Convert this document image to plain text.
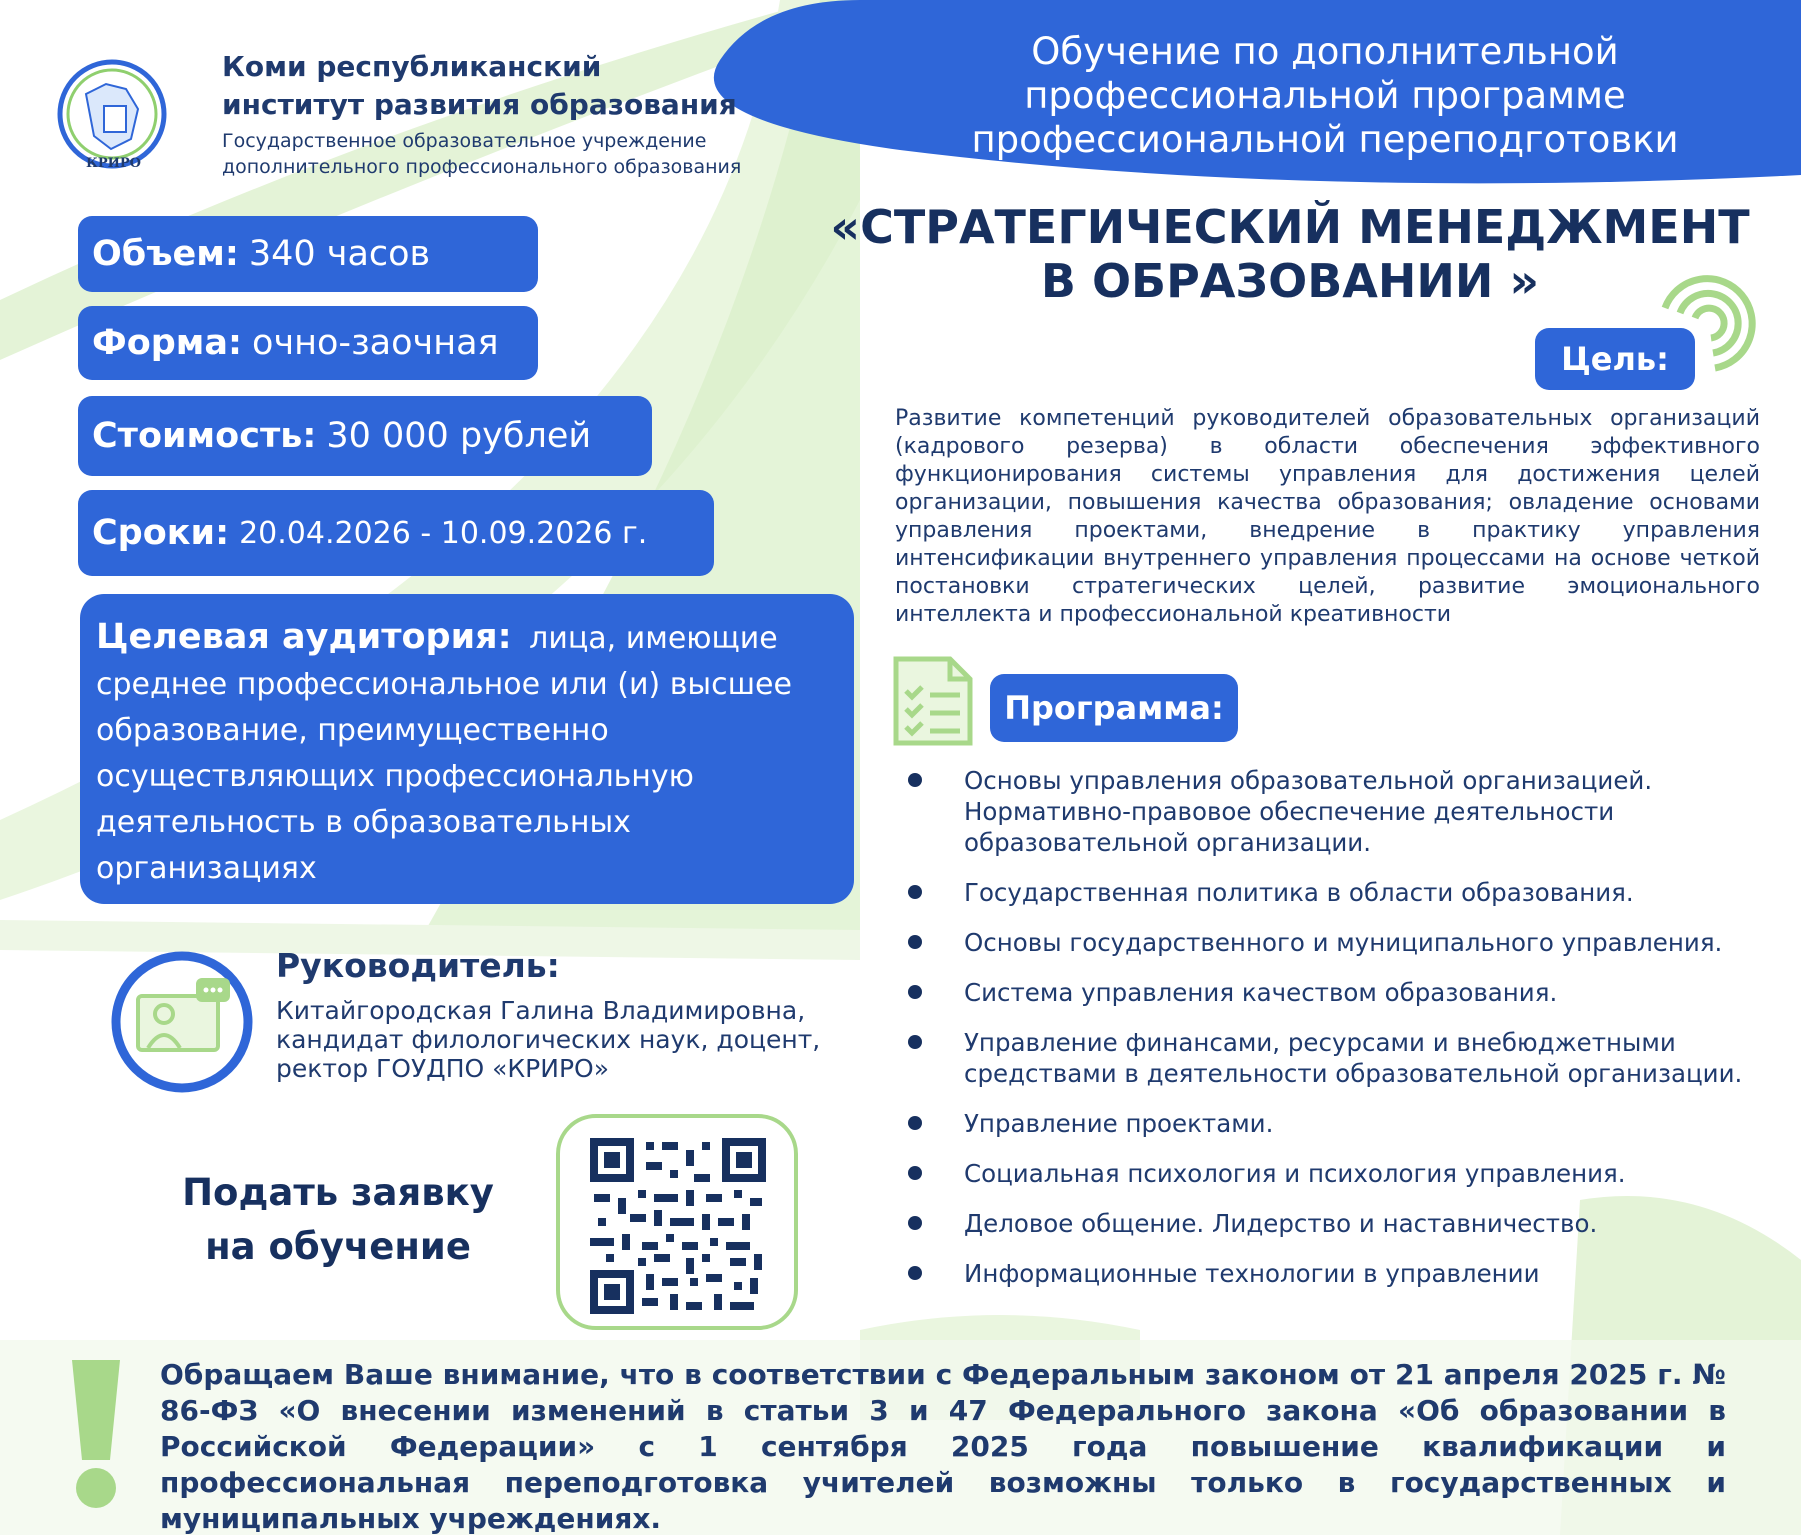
КРИРО
Коми республиканский
институт развития образования
Государственное образовательное учреждение
дополнительного профессионального образования
Обучение по дополнительной
профессиональной программе
профессиональной переподготовки
«СТРАТЕГИЧЕСКИЙ МЕНЕДЖМЕНТ
В ОБРАЗОВАНИИ »
Объем: 340 часов
Форма: очно-заочная
Стоимость: 30 000 рублей
Сроки: 20.04.2026 - 10.09.2026 г.
Целевая аудитория: лица, имеющие среднее профессиональное или (и) высшее образование, преимущественно осуществляющих профессиональную деятельность в образовательных организациях
Цель:
Развитие компетенций руководителей образовательных организаций (кадрового резерва) в области обеспечения эффективного функционирования системы управления для достижения целей организации, повышения качества образования; овладение основами управления проектами, внедрение в практику управления интенсификации внутреннего управления процессами на основе четкой постановки стратегических целей, развитие эмоционального интеллекта и профессиональной креативности
Программа:
Основы управления образовательной организацией. Нормативно-правовое обеспечение деятельности образовательной организации.
Государственная политика в области образования.
Основы государственного и муниципального управления.
Система управления качеством образования.
Управление финансами, ресурсами и внебюджетными средствами в деятельности образовательной организации.
Управление проектами.
Социальная психология и психология управления.
Деловое общение. Лидерство и наставничество.
Информационные технологии в управлении
Руководитель:
Китайгородская Галина Владимировна,
кандидат филологических наук, доцент,
ректор ГОУДПО «КРИРО»
Подать заявку
на обучение
Обращаем Ваше внимание, что в соответствии с Федеральным законом от 21 апреля 2025 г. № 86-ФЗ «О внесении изменений в статьи 3 и 47 Федерального закона «Об образовании в Российской Федерации» с 1 сентября 2025 года повышение квалификации и профессиональная переподготовка учителей возможны только в государственных и муниципальных учреждениях.
